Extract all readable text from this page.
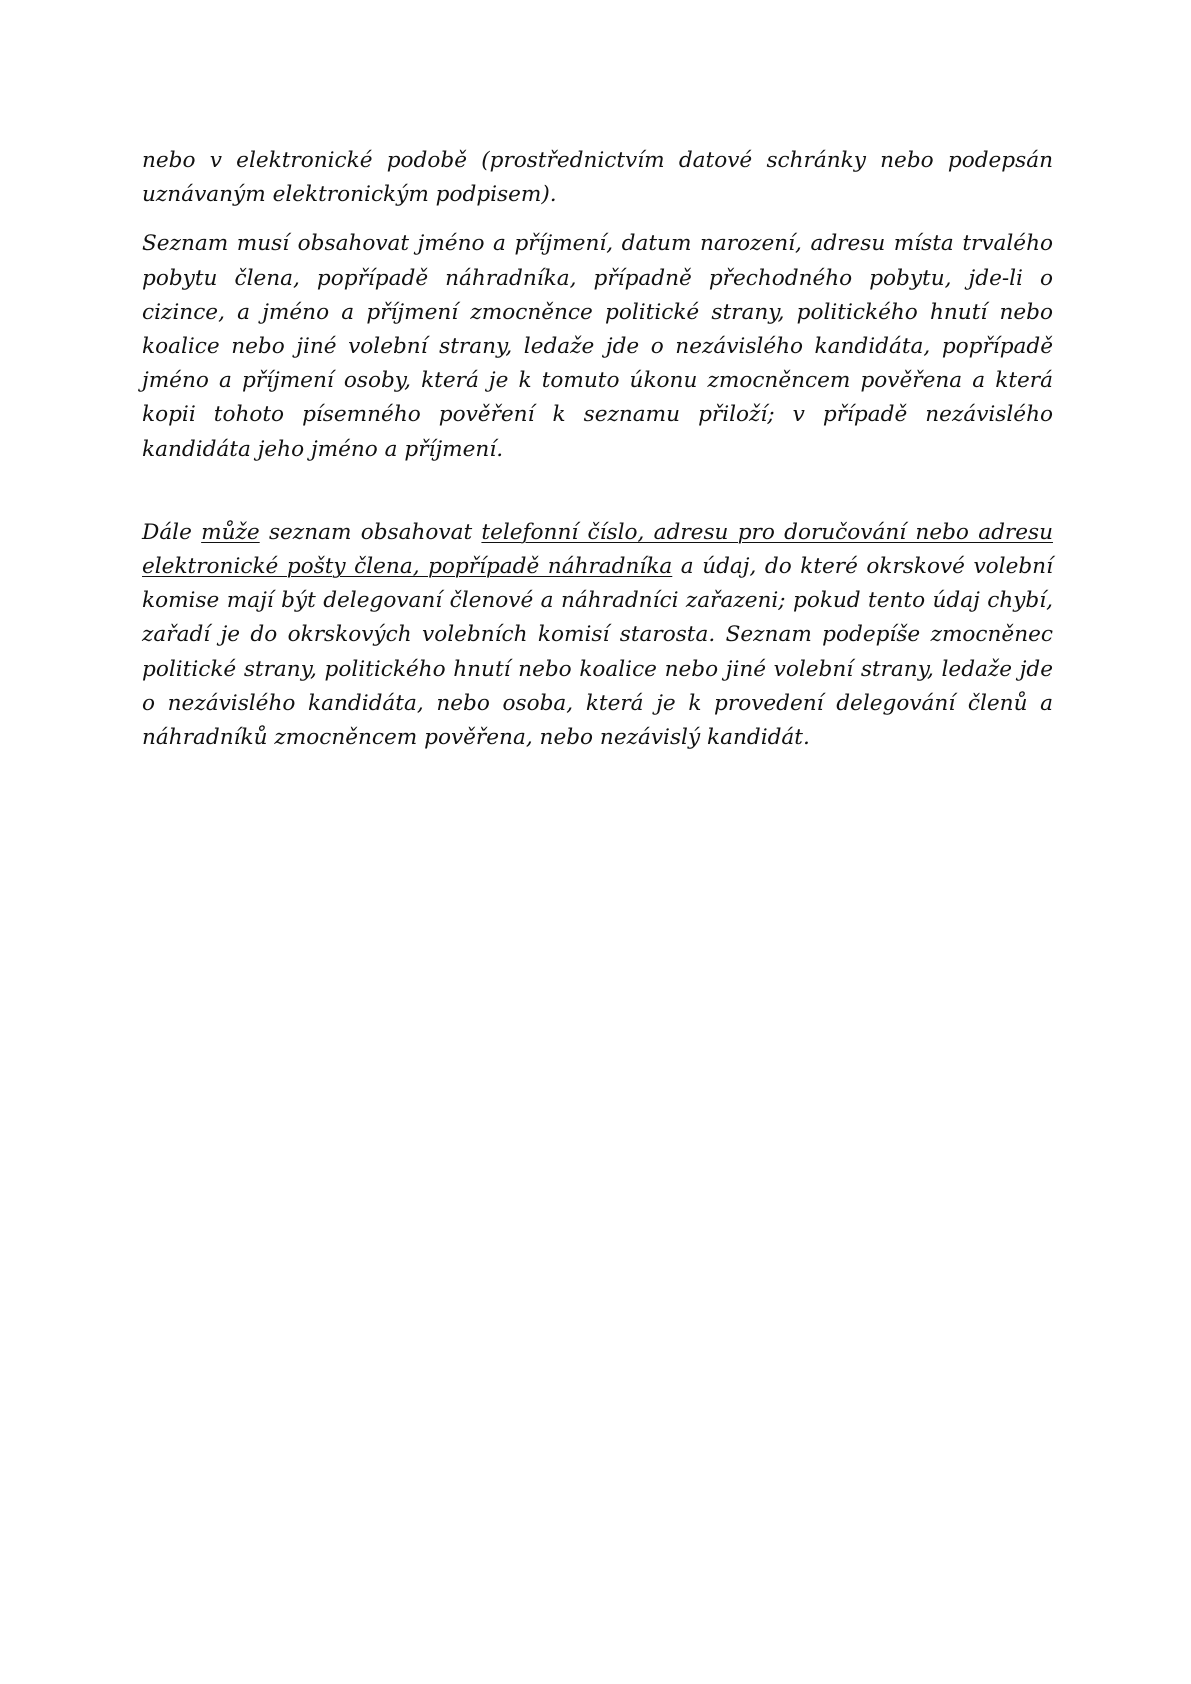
nebo v elektronické podobě (prostřednictvím datové schránky nebo podepsán uznávaným elektronickým podpisem).

Seznam musí obsahovat jméno a příjmení, datum narození, adresu místa trvalého pobytu člena, popřípadě náhradníka, případně přechodného pobytu, jde-li o cizince, a jméno a příjmení zmocněnce politické strany, politického hnutí nebo koalice nebo jiné volební strany, ledaže jde o nezávislého kandidáta, popřípadě jméno a příjmení osoby, která je k tomuto úkonu zmocněncem pověřena a která kopii tohoto písemného pověření k seznamu přiloží; v případě nezávislého kandidáta jeho jméno a příjmení.

Dále může seznam obsahovat telefonní číslo, adresu pro doručování nebo adresu elektronické pošty člena, popřípadě náhradníka a údaj, do které okrskové volební komise mají být delegovaní členové a náhradníci zařazeni; pokud tento údaj chybí, zařadí je do okrskových volebních komisí starosta. Seznam podepíše zmocněnec politické strany, politického hnutí nebo koalice nebo jiné volební strany, ledaže jde o nezávislého kandidáta, nebo osoba, která je k provedení delegování členů a náhradníků zmocněncem pověřena, nebo nezávislý kandidát.
